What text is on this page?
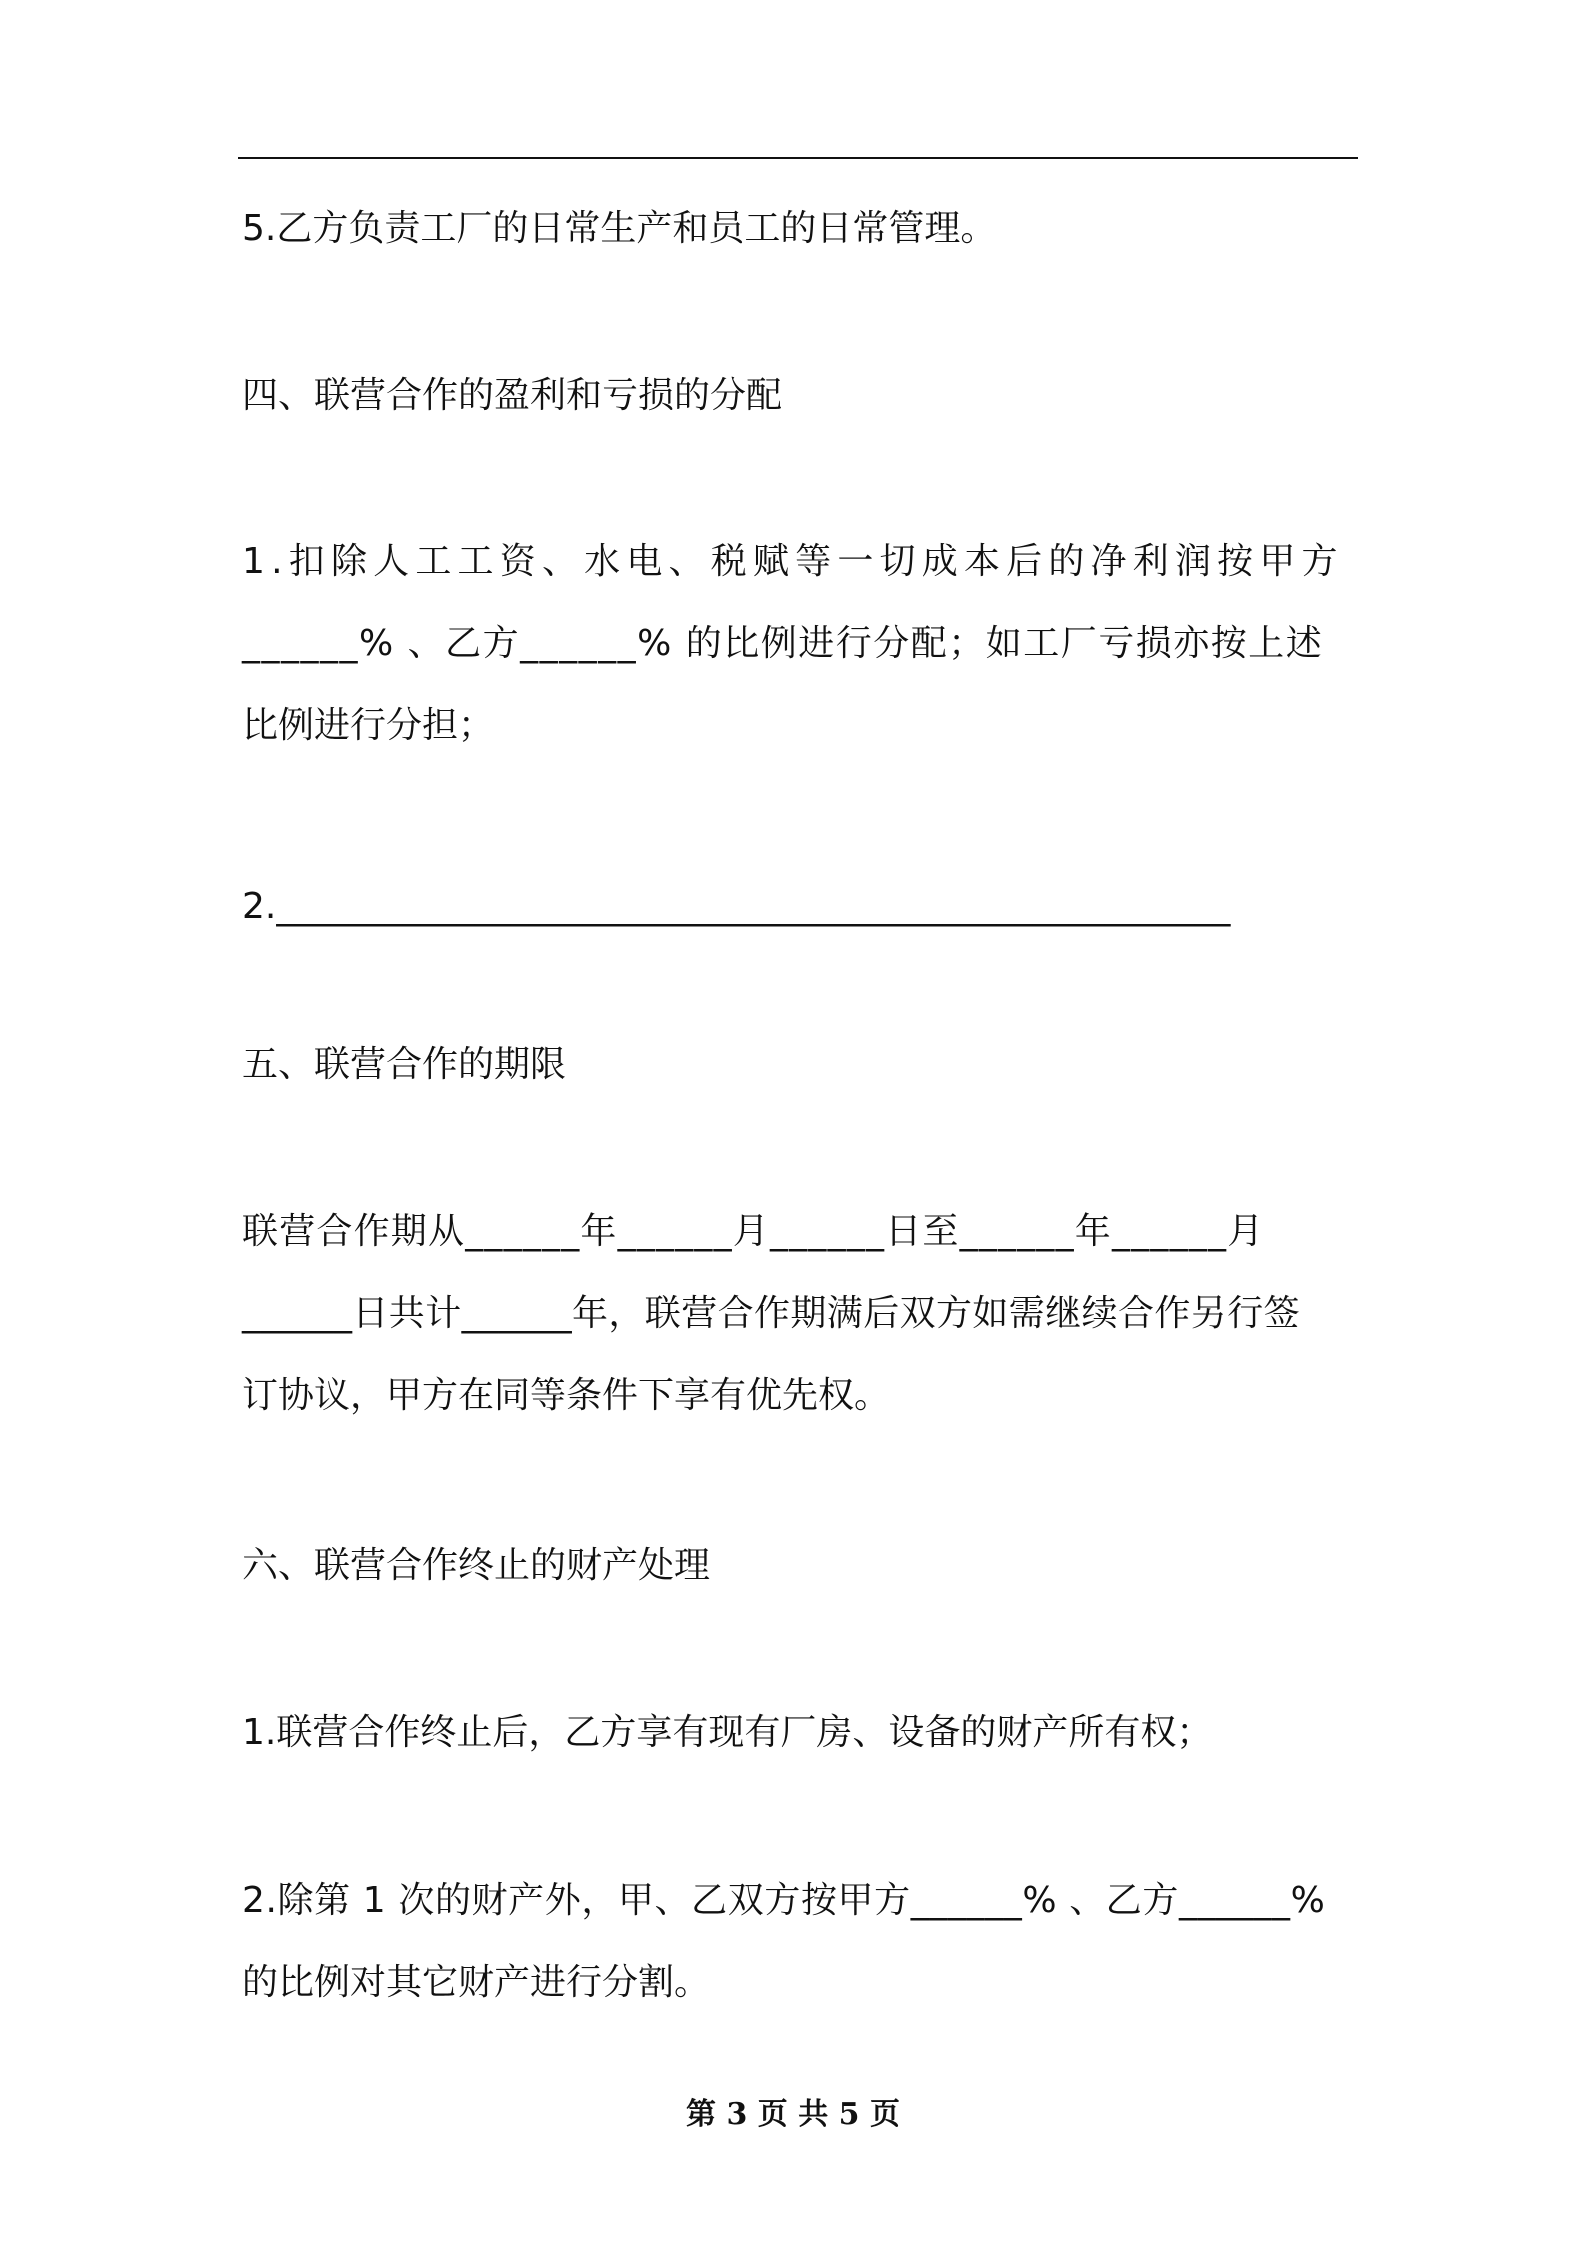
5.乙方负责工厂的日常生产和员工的日常管理。

四、联营合作的盈利和亏损的分配

1.扣除人工工资、水电、税赋等一切成本后的净利润按甲方
______% 、乙方______% 的比例进行分配；如工厂亏损亦按上述
比例进行分担；

2._____________________________________________________

五、联营合作的期限

联营合作期从______年______月______日至______年______月
______日共计______年，联营合作期满后双方如需继续合作另行签
订协议，甲方在同等条件下享有优先权。

六、联营合作终止的财产处理

1.联营合作终止后，乙方享有现有厂房、设备的财产所有权；

2.除第 1 次的财产外，甲、乙双方按甲方______% 、乙方______%
的比例对其它财产进行分割。
第 3 页 共 5 页
